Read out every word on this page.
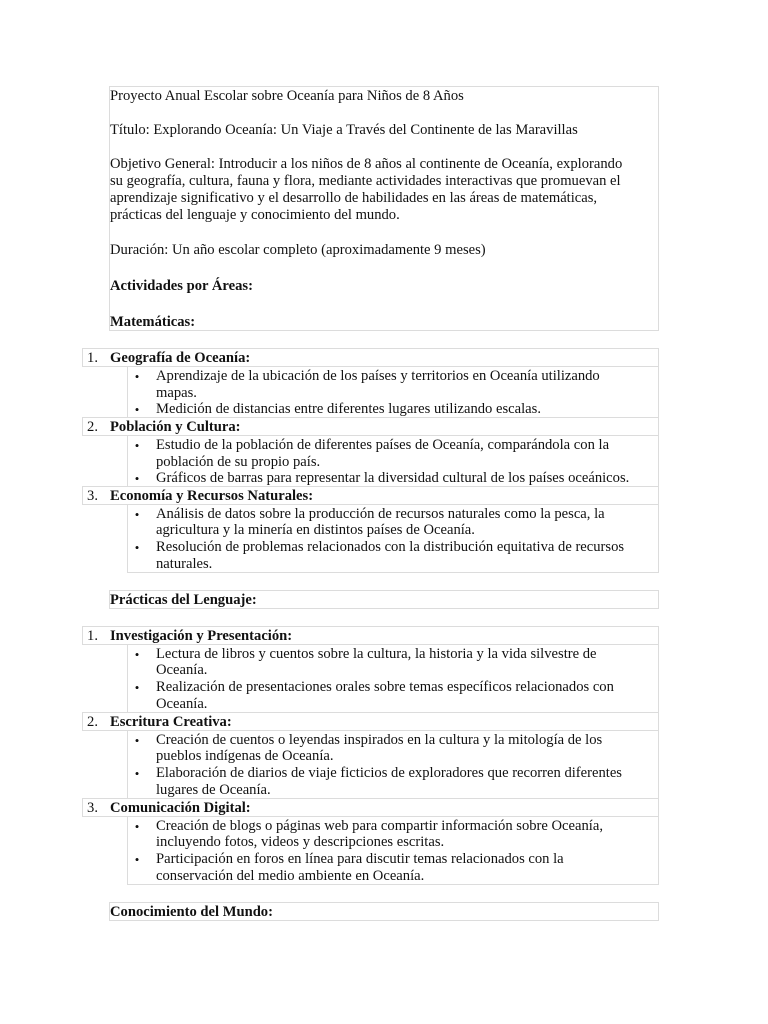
Proyecto Anual Escolar sobre Oceanía para Niños de 8 Años
Título: Explorando Oceanía: Un Viaje a Través del Continente de las Maravillas
Objetivo General: Introducir a los niños de 8 años al continente de Oceanía, explorando
su geografía, cultura, fauna y flora, mediante actividades interactivas que promuevan el
aprendizaje significativo y el desarrollo de habilidades en las áreas de matemáticas,
prácticas del lenguaje y conocimiento del mundo.
Duración: Un año escolar completo (aproximadamente 9 meses)
Actividades por Áreas:
Matemáticas:
1. Geografía de Oceanía:
•	Aprendizaje de la ubicación de los países y territorios en Oceanía utilizando
mapas.
•	Medición de distancias entre diferentes lugares utilizando escalas.
2. Población y Cultura:
•	Estudio de la población de diferentes países de Oceanía, comparándola con la
población de su propio país.
•	Gráficos de barras para representar la diversidad cultural de los países oceánicos.
3. Economía y Recursos Naturales:
•	Análisis de datos sobre la producción de recursos naturales como la pesca, la
agricultura y la minería en distintos países de Oceanía.
•	Resolución de problemas relacionados con la distribución equitativa de recursos
naturales.
Prácticas del Lenguaje:
1. Investigación y Presentación:
•	Lectura de libros y cuentos sobre la cultura, la historia y la vida silvestre de
Oceanía.
•	Realización de presentaciones orales sobre temas específicos relacionados con
Oceanía.
2. Escritura Creativa:
•	Creación de cuentos o leyendas inspirados en la cultura y la mitología de los
pueblos indígenas de Oceanía.
•	Elaboración de diarios de viaje ficticios de exploradores que recorren diferentes
lugares de Oceanía.
3. Comunicación Digital:
•	Creación de blogs o páginas web para compartir información sobre Oceanía,
incluyendo fotos, videos y descripciones escritas.
•	Participación en foros en línea para discutir temas relacionados con la
conservación del medio ambiente en Oceanía.
Conocimiento del Mundo:
